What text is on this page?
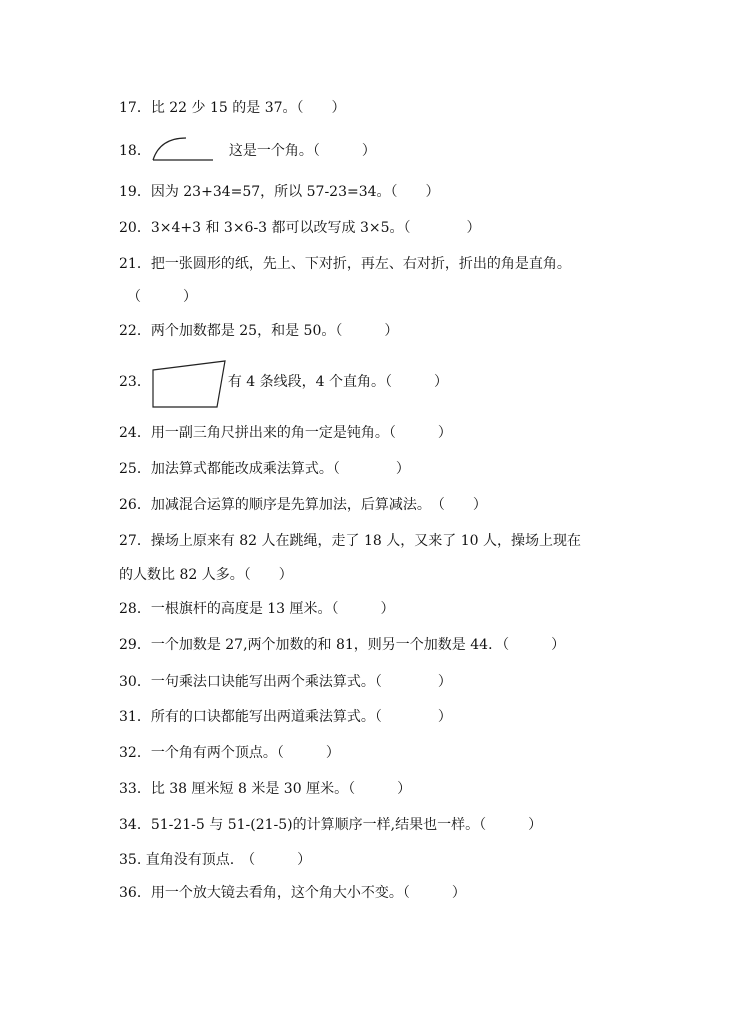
17．比 22 少 15 的是 37。（　　）
18．	这是一个角。（　　　）
19．因为 23+34=57，所以 57-23=34。（　　）
20．3×4+3 和 3×6-3 都可以改写成 3×5。（　　　　）
21．把一张圆形的纸，先上、下对折，再左、右对折，折出的角是直角。
（　　　）
22．两个加数都是 25，和是 50。（　　　）
23．	有 4 条线段，4 个直角。（　　　）
24．用一副三角尺拼出来的角一定是钝角。（　　　）
25．加法算式都能改成乘法算式。（　　　　）
26．加减混合运算的顺序是先算加法，后算减法。　（　　）
27．操场上原来有 82 人在跳绳，走了 18 人，又来了 10 人，操场上现在
的人数比 82 人多。（　　）
28．一根旗杆的高度是 13 厘米。（　　　）
29．一个加数是 27,两个加数的和 81，则另一个加数是 44．（　　　）
30．一句乘法口诀能写出两个乘法算式。（　　　　）
31．所有的口诀都能写出两道乘法算式。（　　　　）
32．一个角有两个顶点。（　　　）
33．比 38 厘米短 8 米是 30 厘米。（　　　）
34．51-21-5 与 51-(21-5)的计算顺序一样,结果也一样。（　　　）
35. 直角没有顶点.　（　　　）
36．用一个放大镜去看角，这个角大小不变。（　　　）
